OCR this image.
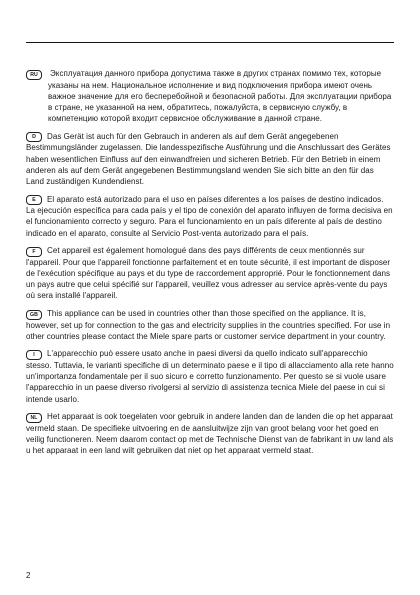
RU Эксплуатация данного прибора допустима также в других странах помимо тех, которые указаны на нем. Национальное исполнение и вид подключения прибора имеют очень важное значение для его бесперебойной и безопасной работы. Для эксплуатации прибора в стране, не указанной на нем, обратитесь, пожалуйста, в сервисную службу, в компетенцию которой входит сервисное обслуживание в данной стране.
D Das Gerät ist auch für den Gebrauch in anderen als auf dem Gerät angegebenen Bestimmungsländer zugelassen. Die landesspezifische Ausführung und die Anschlussart des Gerätes haben wesentlichen Einfluss auf den einwandfreien und sicheren Betrieb. Für den Betrieb in einem anderen als auf dem Gerät angegebenen Bestimmungsland wenden Sie sich bitte an den für das Land zuständigen Kundendienst.
E El aparato está autorizado para el uso en países diferentes a los países de destino indicados. La ejecución específica para cada país y el tipo de conexión del aparato influyen de forma decisiva en el funcionamiento correcto y seguro. Para el funcionamiento en un país diferente al país de destino indicado en el aparato, consulte al Servicio Post-venta autorizado para el país.
F Cet appareil est également homologué dans des pays différents de ceux mentionnés sur l'appareil. Pour que l'appareil fonctionne parfaitement et en toute sécurité, il est important de disposer de l'exécution spécifique au pays et du type de raccordement approprié. Pour le fonctionnement dans un pays autre que celui spécifié sur l'appareil, veuillez vous adresser au service après-vente du pays où sera installé l'appareil.
GB This appliance can be used in countries other than those specified on the appliance. It is, however, set up for connection to the gas and electricity supplies in the countries specified. For use in other countries please contact the Miele spare parts or customer service department in your country.
I L'apparecchio può essere usato anche in paesi diversi da quello indicato sull'apparecchio stesso. Tuttavia, le varianti specifiche di un determinato paese e il tipo di allacciamento alla rete hanno un'importanza fondamentale per il suo sicuro e corretto funzionamento. Per questo se si vuole usare l'apparecchio in un paese diverso rivolgersi al servizio di assistenza tecnica Miele del paese in cui si intende usarlo.
NL Het apparaat is ook toegelaten voor gebruik in andere landen dan de landen die op het apparaat vermeld staan. De specifieke uitvoering en de aansluitwijze zijn van groot belang voor het goed en veilig functioneren. Neem daarom contact op met de Technische Dienst van de fabrikant in uw land als u het apparaat in een land wilt gebruiken dat niet op het apparaat vermeld staat.
2
